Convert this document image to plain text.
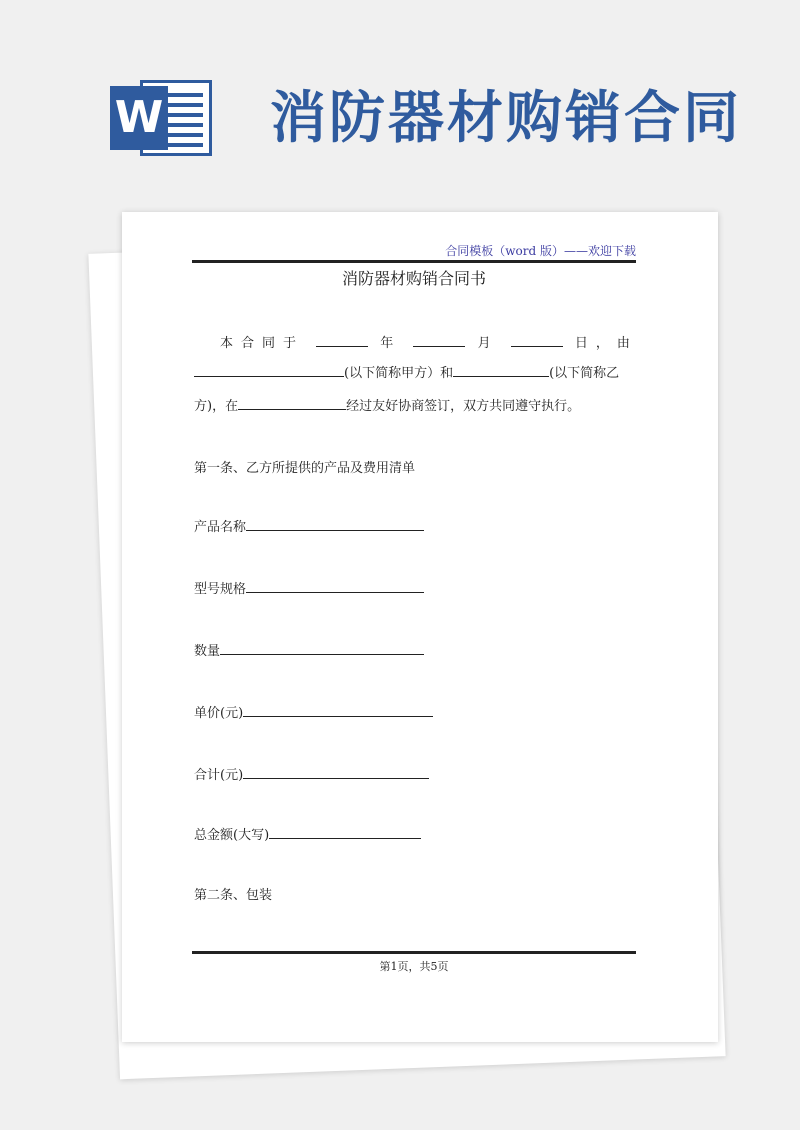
W 消防器材购销合同
合同模板（word 版）——欢迎下载
消防器材购销合同书
本合同于	年	月	日，由
(以下简称甲方）和	(以下简称乙
方)，在	经过友好协商签订，双方共同遵守执行。
第一条、乙方所提供的产品及费用清单
产品名称
型号规格
数量
单价(元)
合计(元)
总金额(大写)
第二条、包装
第1页，共5页
